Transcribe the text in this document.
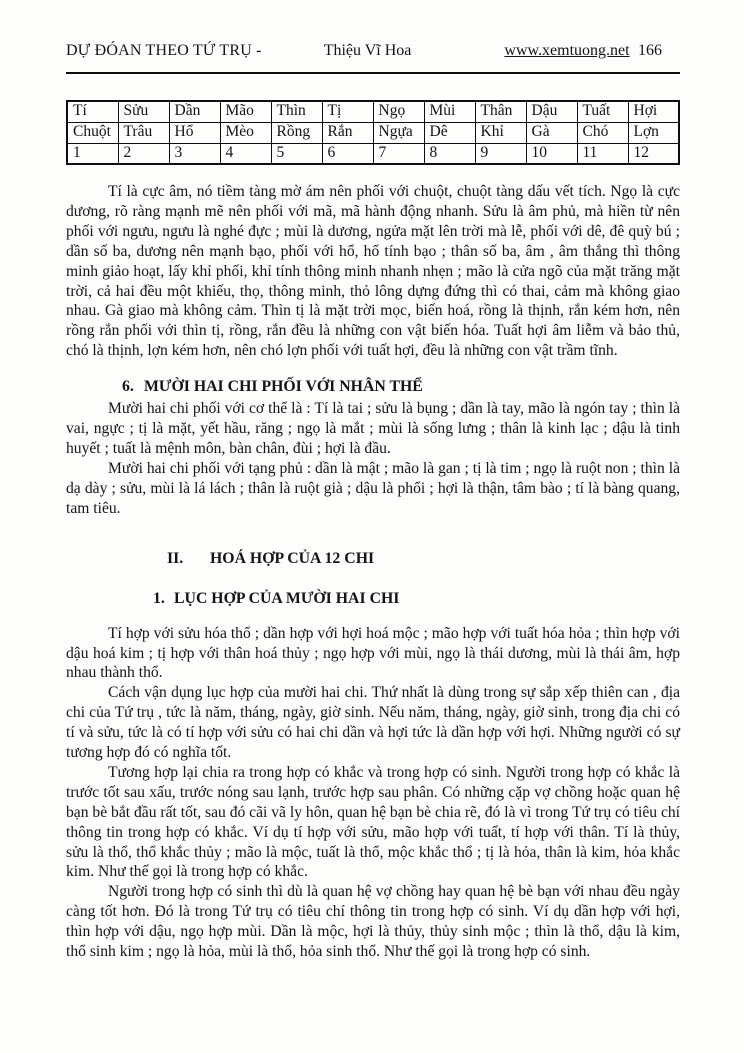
DỰ ĐÓAN THEO TỨ TRỤ -	Thiệu Vĩ Hoa	www.xemtuong.net 166
Tí	Sửu	Dần	Mão	Thìn	Tị	Ngọ	Mùi	Thân	Dậu	Tuất	Hợi
Chuột	Trâu	Hổ	Mèo	Rồng	Rắn	Ngựa	Dê	Khỉ	Gà	Chó	Lợn
1	2	3	4	5	6	7	8	9	10	11	12

Tí là cực âm, nó tiềm tàng mờ ám nên phối với chuột, chuột tàng dấu vết tích. Ngọ là cực dương, rõ ràng mạnh mẽ nên phối với mã, mã hành động nhanh. Sửu là âm phủ, mà hiền từ nên phối với ngưu, ngưu là nghé đực ; mùi là dương, ngửa mặt lên trời mà lễ, phối với dê, đê quỳ bú ; dần số ba, dương nên mạnh bạo, phối với hổ, hổ tính bạo ; thân số ba, âm , âm thắng thì thông minh giảo hoạt, lấy khỉ phối, khỉ tính thông minh nhanh nhẹn ; mão là cửa ngõ của mặt trăng mặt trời, cả hai đều một khiếu, thọ, thông minh, thỏ lông dựng đứng thì có thai, cảm mà không giao nhau. Gà giao mà không cảm. Thìn tị là mặt trời mọc, biến hoá, rồng là thịnh, rắn kém hơn, nên rồng rắn phối với thìn tị, rồng, rắn đều là những con vật biến hóa. Tuất hợi âm liễm và bảo thủ, chó là thịnh, lợn kém hơn, nên chó lợn phối với tuất hợi, đều là những con vật trầm tĩnh.

6. MƯỜI HAI CHI PHỐI VỚI NHÂN THỂ

Mười hai chi phối với cơ thể là : Tí là tai ; sửu là bụng ; dần là tay, mão là ngón tay ; thìn là vai, ngực ; tị là mặt, yết hầu, răng ; ngọ là mắt ; mùi là sống lưng ; thân là kinh lạc ; dậu là tinh huyết ; tuất là mệnh môn, bàn chân, đùi ; hợi là đầu.

Mười hai chi phối với tạng phủ : dần là mật ; mão là gan ; tị là tim ; ngọ là ruột non ; thìn là dạ dày ; sửu, mùi là lá lách ; thân là ruột già ; dậu là phổi ; hợi là thận, tâm bào ; tí là bàng quang, tam tiêu.

II. HOÁ HỢP CỦA 12 CHI
1. LỤC HỢP CỦA MƯỜI HAI CHI

Tí hợp với sửu hóa thổ ; dần hợp với hợi hoá mộc ; mão hợp với tuất hóa hỏa ; thìn hợp với dậu hoá kim ; tị hợp với thân hoá thủy ; ngọ hợp với mùi, ngọ là thái dương, mùi là thái âm, hợp nhau thành thổ.

Cách vận dụng lục hợp của mười hai chi. Thứ nhất là dùng trong sự sắp xếp thiên can , địa chi của Tứ trụ , tức là năm, tháng, ngày, giờ sinh. Nếu năm, tháng, ngày, giờ sinh, trong địa chi có tí và sửu, tức là có tí hợp với sửu có hai chi dần và hợi tức là dần hợp với hợi. Những người có sự tương hợp đó có nghĩa tốt.

Tương hợp lại chia ra trong hợp có khắc và trong hợp có sinh. Người trong hợp có khắc là trước tốt sau xấu, trước nóng sau lạnh, trước hợp sau phân. Có những cặp vợ chồng hoặc quan hệ bạn bè bắt đầu rất tốt, sau đó cãi vã ly hôn, quan hệ bạn bè chia rẽ, đó là vì trong Tứ trụ có tiêu chí thông tin trong hợp có khắc. Ví dụ tí hợp với sửu, mão hợp với tuất, tí hợp với thân. Tí là thủy, sửu là thổ, thổ khắc thủy ; mão là mộc, tuất là thổ, mộc khắc thổ ; tị là hỏa, thân là kim, hỏa khắc kim. Như thế gọi là trong hợp có khắc.

Người trong hợp có sinh thì dù là quan hệ vợ chồng hay quan hệ bè bạn với nhau đều ngày càng tốt hơn. Đó là trong Tứ trụ có tiêu chí thông tin trong hợp có sinh. Ví dụ dần hợp với hợi, thìn hợp với dậu, ngọ hợp mùi. Dần là mộc, hợi là thủy, thủy sinh mộc ; thìn là thổ, dậu là kim, thổ sinh kim ; ngọ là hỏa, mùi là thổ, hỏa sinh thổ. Như thế gọi là trong hợp có sinh.
